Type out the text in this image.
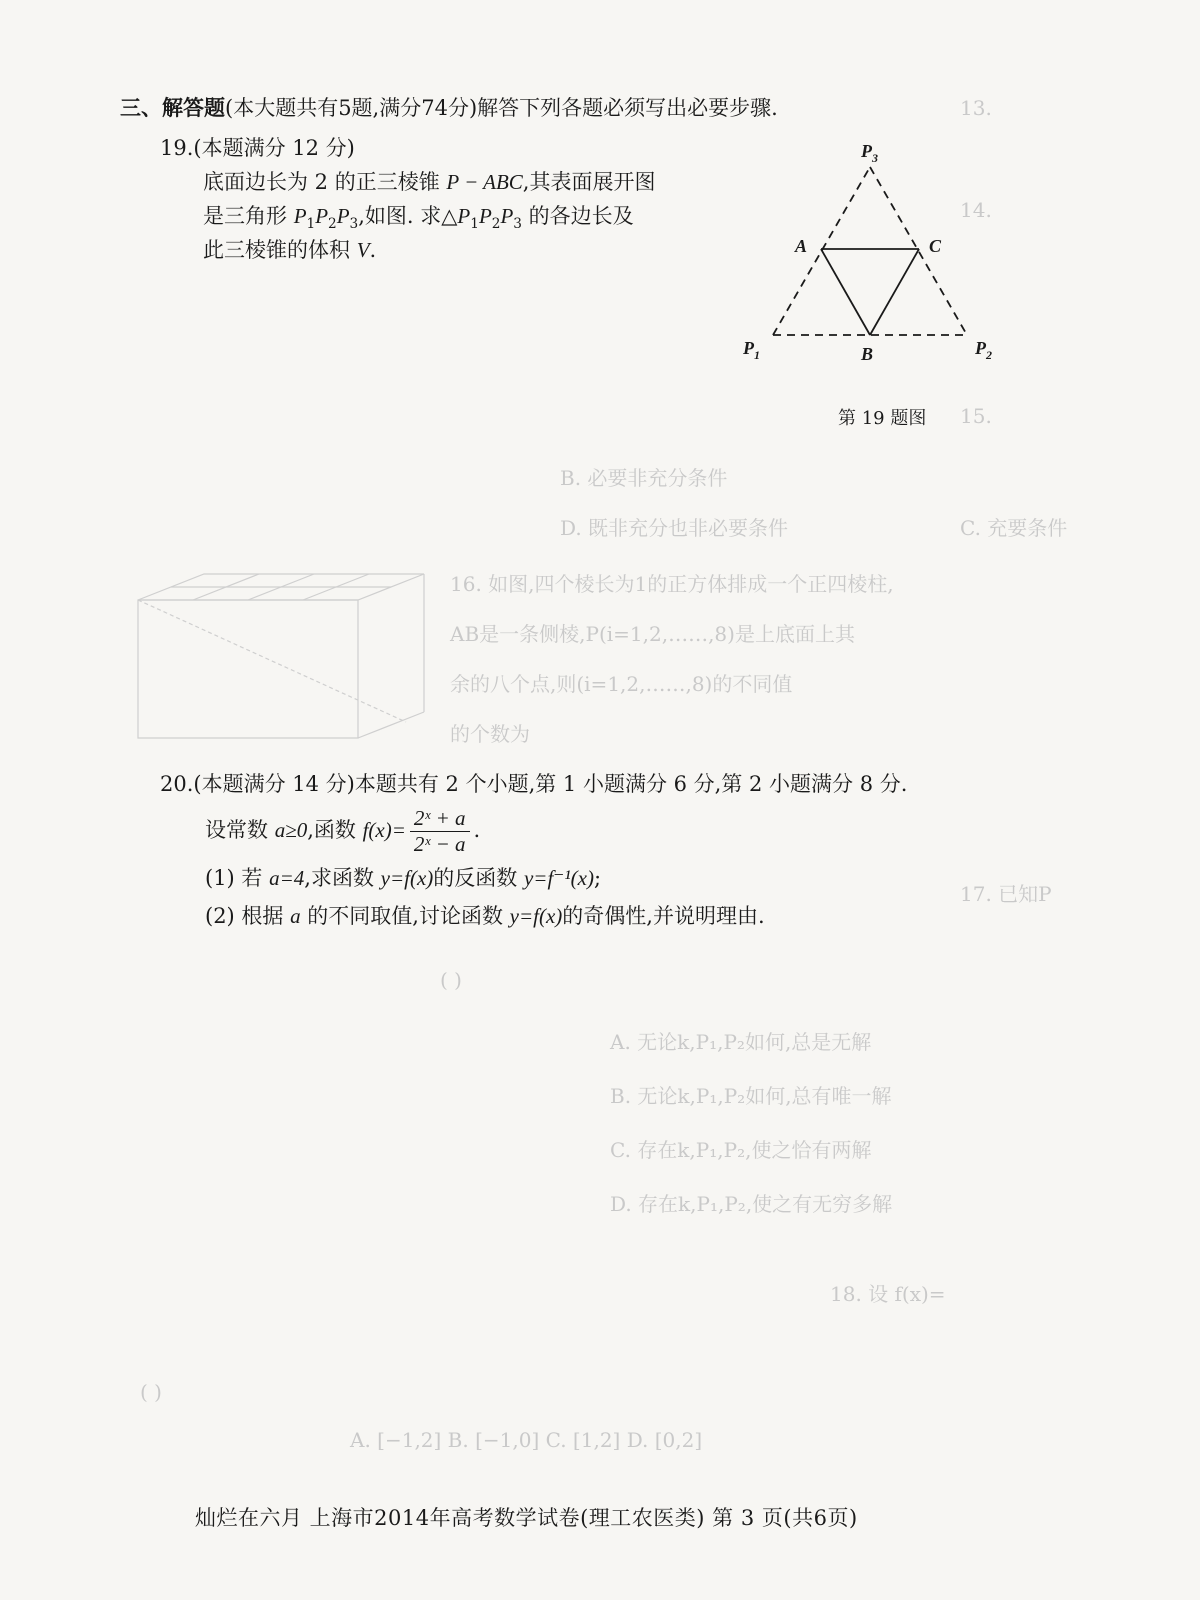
13.
14.
15.
B. 必要非充分条件
D. 既非充分也非必要条件	C. 充要条件
16. 如图,四个棱长为1的正方体排成一个正四棱柱,
AB是一条侧棱,P(i=1,2,……,8)是上底面上其
余的八个点,则(i=1,2,……,8)的不同值
的个数为
( )
17. 已知P
A. 无论k,P₁,P₂如何,总是无解
B. 无论k,P₁,P₂如何,总有唯一解
C. 存在k,P₁,P₂,使之恰有两解
D. 存在k,P₁,P₂,使之有无穷多解
18. 设 f(x)=
( )
A. [−1,2] B. [−1,0] C. [1,2] D. [0,2]
三、解答题(本大题共有5题,满分74分)解答下列各题必须写出必要步骤.
19.(本题满分 12 分)
底面边长为 2 的正三棱锥 P − ABC,其表面展开图
是三角形 $P_1P_2P_3$,如图. 求$\triangle P_1P_2P_3$ 的各边长及
此三棱锥的体积 V.
$P_3$
A	C
$P_1$	B	$P_2$
第 19 题图
20.(本题满分 14 分)本题共有 2 个小题,第 1 小题满分 6 分,第 2 小题满分 8 分.
设常数 a≥0,函数 $f(x)= \frac{\text{2ˣ + a}}{\text{2ˣ − a}}$ .
(1) 若 a=4,求函数 y=f(x)的反函数 y=f⁻¹(x);
(2) 根据 a 的不同取值,讨论函数 y=f(x)的奇偶性,并说明理由.
灿烂在六月 上海市2014年高考数学试卷(理工农医类) 第 3 页(共6页)
